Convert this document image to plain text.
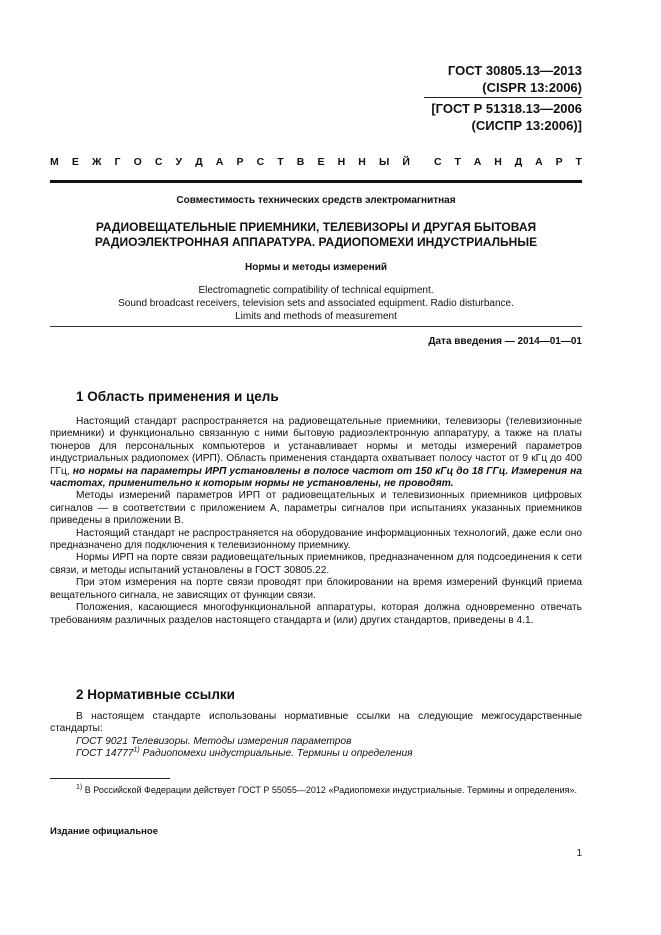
ГОСТ 30805.13—2013
(CISPR 13:2006)
[ГОСТ Р 51318.13—2006
(СИСПР 13:2006)]
М Е Ж Г О С У Д А Р С Т В Е Н Н Ы Й С Т А Н Д А Р Т
Совместимость технических средств электромагнитная
РАДИОВЕЩАТЕЛЬНЫЕ ПРИЕМНИКИ, ТЕЛЕВИЗОРЫ И ДРУГАЯ БЫТОВАЯ
РАДИОЭЛЕКТРОННАЯ АППАРАТУРА. РАДИОПОМЕХИ ИНДУСТРИАЛЬНЫЕ
Нормы и методы измерений
Electromagnetic compatibility of technical equipment.
Sound broadcast receivers, television sets and associated equipment. Radio disturbance.
Limits and methods of measurement
Дата введения — 2014—01—01
1 Область применения и цель

Настоящий стандарт распространяется на радиовещательные приемники, телевизоры (телевизионные приемники) и функционально связанную с ними бытовую радиоэлектронную аппаратуру, а также на платы тюнеров для персональных компьютеров и устанавливает нормы и методы измерений параметров индустриальных радиопомех (ИРП). Область применения стандарта охватывает полосу частот от 9 кГц до 400 ГГц, но нормы на параметры ИРП установлены в полосе частот от 150 кГц до 18 ГГц. Измерения на частотах, применительно к которым нормы не установлены, не проводят.

Методы измерений параметров ИРП от радиовещательных и телевизионных приемников цифровых сигналов — в соответствии с приложением А, параметры сигналов при испытаниях указанных приемников приведены в приложении В.

Настоящий стандарт не распространяется на оборудование информационных технологий, даже если оно предназначено для подключения к телевизионному приемнику.

Нормы ИРП на порте связи радиовещательных приемников, предназначенном для подсоединения к сети связи, и методы испытаний установлены в ГОСТ 30805.22.

При этом измерения на порте связи проводят при блокировании на время измерений функций приема вещательного сигнала, не зависящих от функции связи.

Положения, касающиеся многофункциональной аппаратуры, которая должна одновременно отвечать требованиям различных разделов настоящего стандарта и (или) других стандартов, приведены в 4.1.

2 Нормативные ссылки

В настоящем стандарте использованы нормативные ссылки на следующие межгосударственные стандарты:

ГОСТ 9021 Телевизоры. Методы измерения параметров

ГОСТ 14777$^{1)}$ Радиопомехи индустриальные. Термины и определения

$^{1)}$ В Российской Федерации действует ГОСТ Р 55055—2012 «Радиопомехи индустриальные. Термины и определения».

Издание официальное
1
